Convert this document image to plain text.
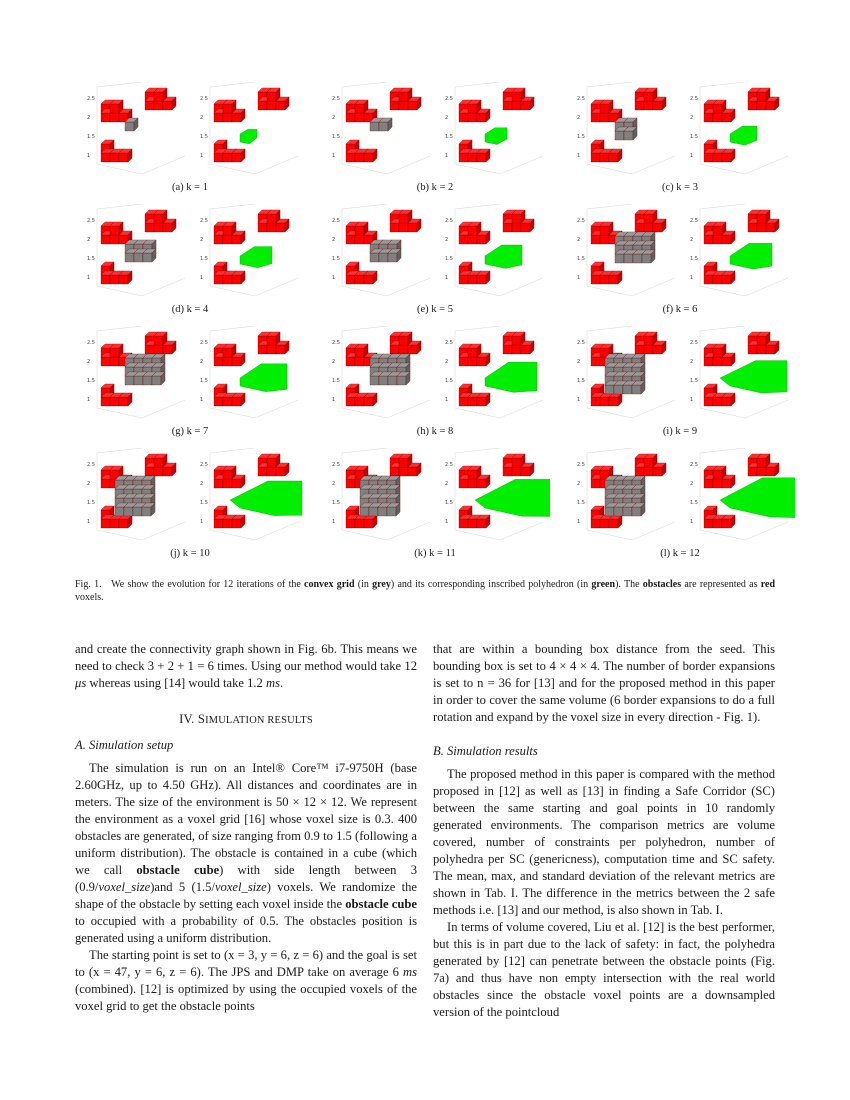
2.5
2
1.5
1
2.5
2
1.5
1
(a) k = 1
2.5
2
1.5
1
2.5
2
1.5
1
(b) k = 2
2.5
2
1.5
1
2.5
2
1.5
1
(c) k = 3
2.5
2
1.5
1
2.5
2
1.5
1
(d) k = 4
2.5
2
1.5
1
2.5
2
1.5
1
(e) k = 5
2.5
2
1.5
1
2.5
2
1.5
1
(f) k = 6
2.5
2
1.5
1
2.5
2
1.5
1
(g) k = 7
2.5
2
1.5
1
2.5
2
1.5
1
(h) k = 8
2.5
2
1.5
1
2.5
2
1.5
1
(i) k = 9
2.5
2
1.5
1
2.5
2
1.5
1
(j) k = 10
2.5
2
1.5
1
2.5
2
1.5
1
(k) k = 11
2.5
2
1.5
1
2.5
2
1.5
1
(l) k = 12
Fig. 1. We show the evolution for 12 iterations of the convex grid (in grey) and its corresponding inscribed polyhedron (in green). The obstacles are represented as red voxels.

and create the connectivity graph shown in Fig. 6b. This means we need to check 3 + 2 + 1 = 6 times. Using our method would take 12 μs whereas using [14] would take 1.2 ms.

IV. SIMULATION RESULTS
A. Simulation setup

The simulation is run on an Intel® Core™ i7-9750H (base 2.60GHz, up to 4.50 GHz). All distances and coordinates are in meters. The size of the environment is 50 × 12 × 12. We represent the environment as a voxel grid [16] whose voxel size is 0.3. 400 obstacles are generated, of size ranging from 0.9 to 1.5 (following a uniform distribution). The obstacle is contained in a cube (which we call obstacle cube) with side length between 3 (0.9/voxel_size)and 5 (1.5/voxel_size) voxels. We randomize the shape of the obstacle by setting each voxel inside the obstacle cube to occupied with a probability of 0.5. The obstacles position is generated using a uniform distribution.

The starting point is set to (x = 3, y = 6, z = 6) and the goal is set to (x = 47, y = 6, z = 6). The JPS and DMP take on average 6 ms (combined). [12] is optimized by using the occupied voxels of the voxel grid to get the obstacle points

that are within a bounding box distance from the seed. This bounding box is set to 4 × 4 × 4. The number of border expansions is set to n = 36 for [13] and for the proposed method in this paper in order to cover the same volume (6 border expansions to do a full rotation and expand by the voxel size in every direction - Fig. 1).

B. Simulation results

The proposed method in this paper is compared with the method proposed in [12] as well as [13] in finding a Safe Corridor (SC) between the same starting and goal points in 10 randomly generated environments. The comparison metrics are volume covered, number of constraints per polyhedron, number of polyhedra per SC (genericness), computation time and SC safety. The mean, max, and standard deviation of the relevant metrics are shown in Tab. I. The difference in the metrics between the 2 safe methods i.e. [13] and our method, is also shown in Tab. I.

In terms of volume covered, Liu et al. [12] is the best performer, but this is in part due to the lack of safety: in fact, the polyhedra generated by [12] can penetrate between the obstacle points (Fig. 7a) and thus have non empty intersection with the real world obstacles since the obstacle voxel points are a downsampled version of the pointcloud
